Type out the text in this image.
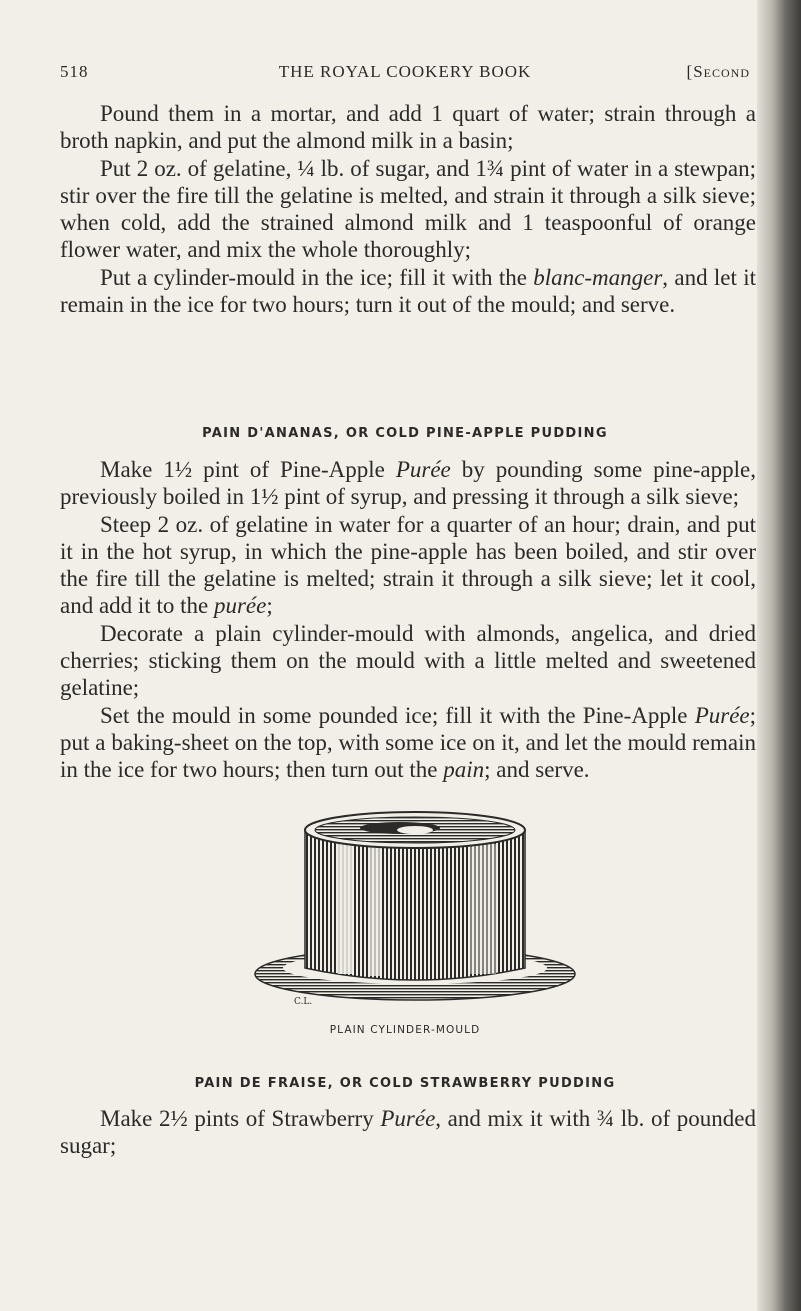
518	THE ROYAL COOKERY BOOK	[Second

Pound them in a mortar, and add 1 quart of water; strain through a broth napkin, and put the almond milk in a basin;

Put 2 oz. of gelatine, ¼ lb. of sugar, and 1¾ pint of water in a stewpan; stir over the fire till the gelatine is melted, and strain it through a silk sieve; when cold, add the strained almond milk and 1 teaspoonful of orange flower water, and mix the whole thoroughly;

Put a cylinder-mould in the ice; fill it with the blanc-manger, and let it remain in the ice for two hours; turn it out of the mould; and serve.

PAIN D'ANANAS, OR COLD PINE-APPLE PUDDING

Make 1½ pint of Pine-Apple Purée by pounding some pine-apple, previously boiled in 1½ pint of syrup, and pressing it through a silk sieve;

Steep 2 oz. of gelatine in water for a quarter of an hour; drain, and put it in the hot syrup, in which the pine-apple has been boiled, and stir over the fire till the gelatine is melted; strain it through a silk sieve; let it cool, and add it to the purée;

Decorate a plain cylinder-mould with almonds, angelica, and dried cherries; sticking them on the mould with a little melted and sweetened gelatine;

Set the mould in some pounded ice; fill it with the Pine-Apple Purée; put a baking-sheet on the top, with some ice on it, and let the mould remain in the ice for two hours; then turn out the pain; and serve.

C.L.
PLAIN CYLINDER-MOULD
PAIN DE FRAISE, OR COLD STRAWBERRY PUDDING

Make 2½ pints of Strawberry Purée, and mix it with ¾ lb. of pounded sugar;
